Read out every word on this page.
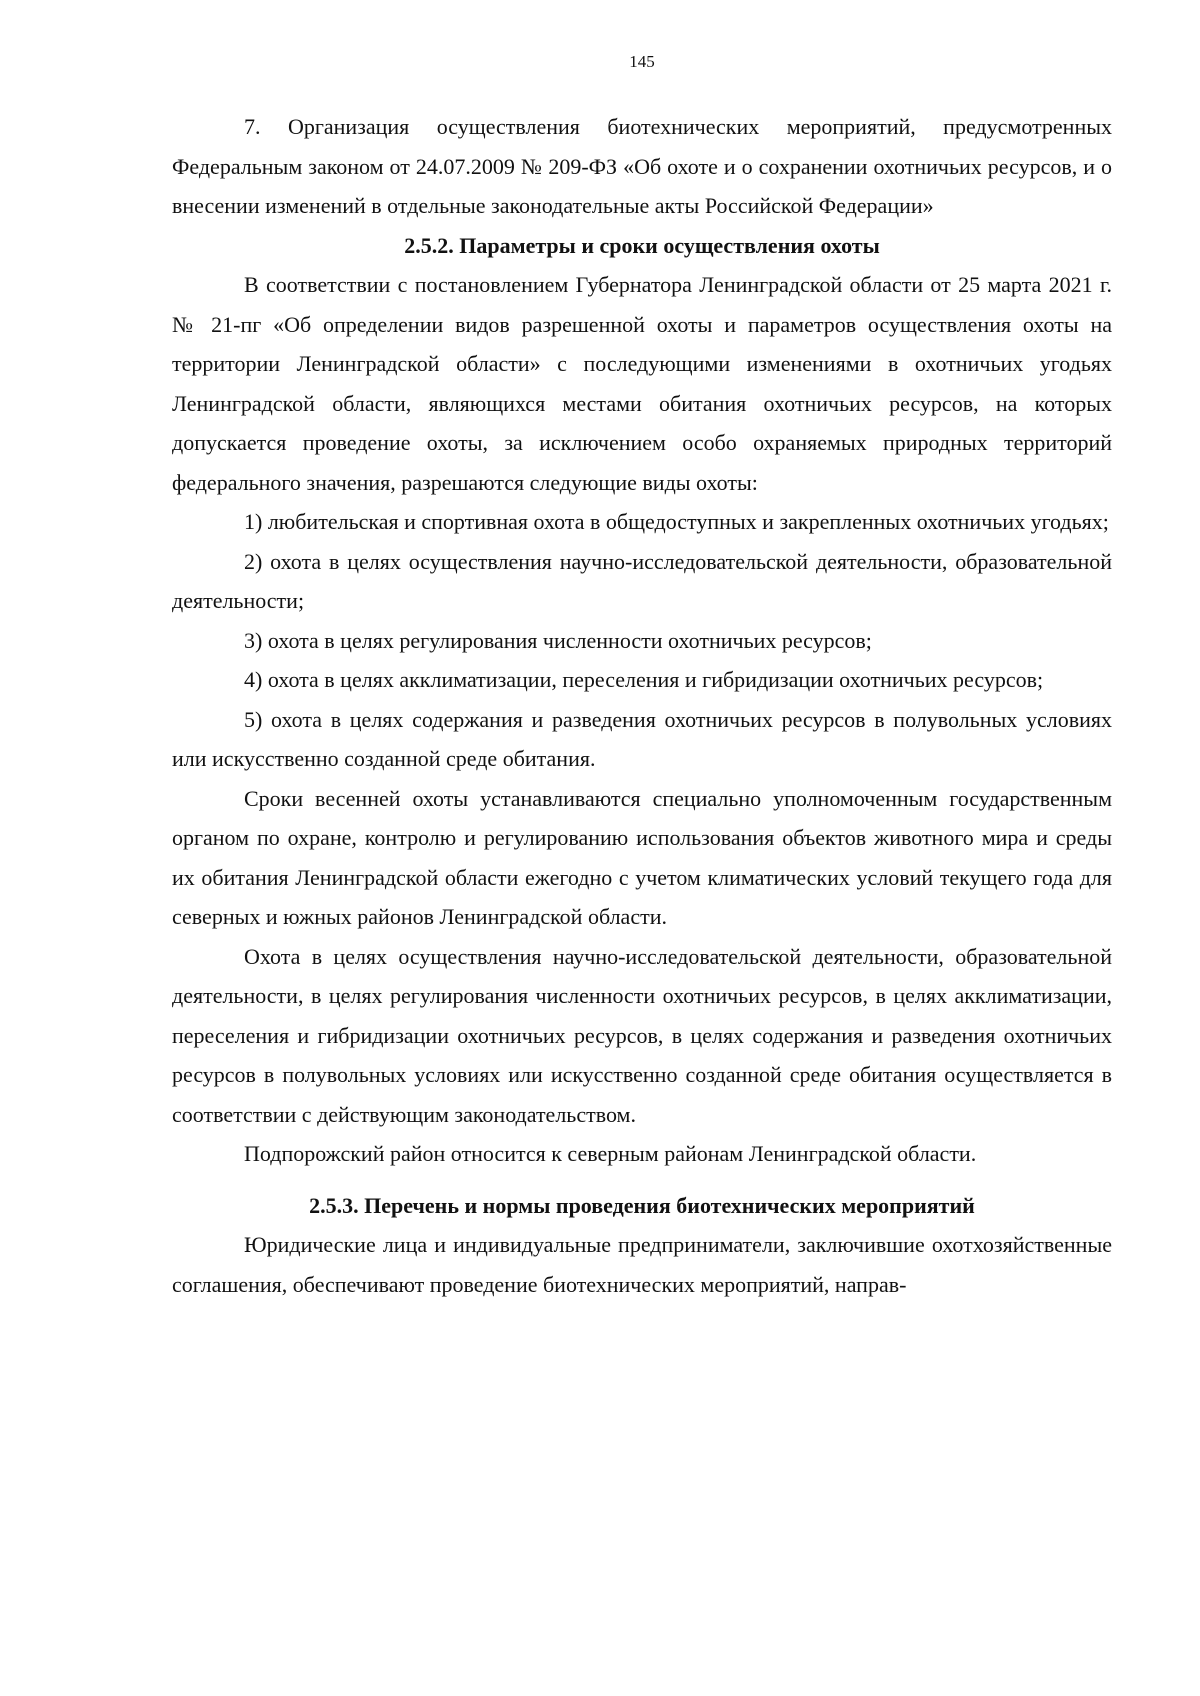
145

7. Организация осуществления биотехнических мероприятий, предусмотренных Федеральным законом от 24.07.2009 № 209-ФЗ «Об охоте и о сохранении охотничьих ресурсов, и о внесении изменений в отдельные законодательные акты Российской Федерации»

2.5.2. Параметры и сроки осуществления охоты

В соответствии с постановлением Губернатора Ленинградской области от 25 марта 2021 г. № 21-пг «Об определении видов разрешенной охоты и параметров осуществления охоты на территории Ленинградской области» с последующими изменениями в охотничьих угодьях Ленинградской области, являющихся местами обитания охотничьих ресурсов, на которых допускается проведение охоты, за исключением особо охраняемых природных территорий федерального значения, разрешаются следующие виды охоты:

1) любительская и спортивная охота в общедоступных и закрепленных охотничьих угодьях;

2) охота в целях осуществления научно-исследовательской деятельности, образовательной деятельности;

3) охота в целях регулирования численности охотничьих ресурсов;

4) охота в целях акклиматизации, переселения и гибридизации охотничьих ресурсов;

5) охота в целях содержания и разведения охотничьих ресурсов в полувольных условиях или искусственно созданной среде обитания.

Сроки весенней охоты устанавливаются специально уполномоченным государственным органом по охране, контролю и регулированию использования объектов животного мира и среды их обитания Ленинградской области ежегодно с учетом климатических условий текущего года для северных и южных районов Ленинградской области.

Охота в целях осуществления научно-исследовательской деятельности, образовательной деятельности, в целях регулирования численности охотничьих ресурсов, в целях акклиматизации, переселения и гибридизации охотничьих ресурсов, в целях содержания и разведения охотничьих ресурсов в полувольных условиях или искусственно созданной среде обитания осуществляется в соответствии с действующим законодательством.

Подпорожский район относится к северным районам Ленинградской области.

2.5.3. Перечень и нормы проведения биотехнических мероприятий

Юридические лица и индивидуальные предприниматели, заключившие охотхозяйственные соглашения, обеспечивают проведение биотехнических мероприятий, направ-
